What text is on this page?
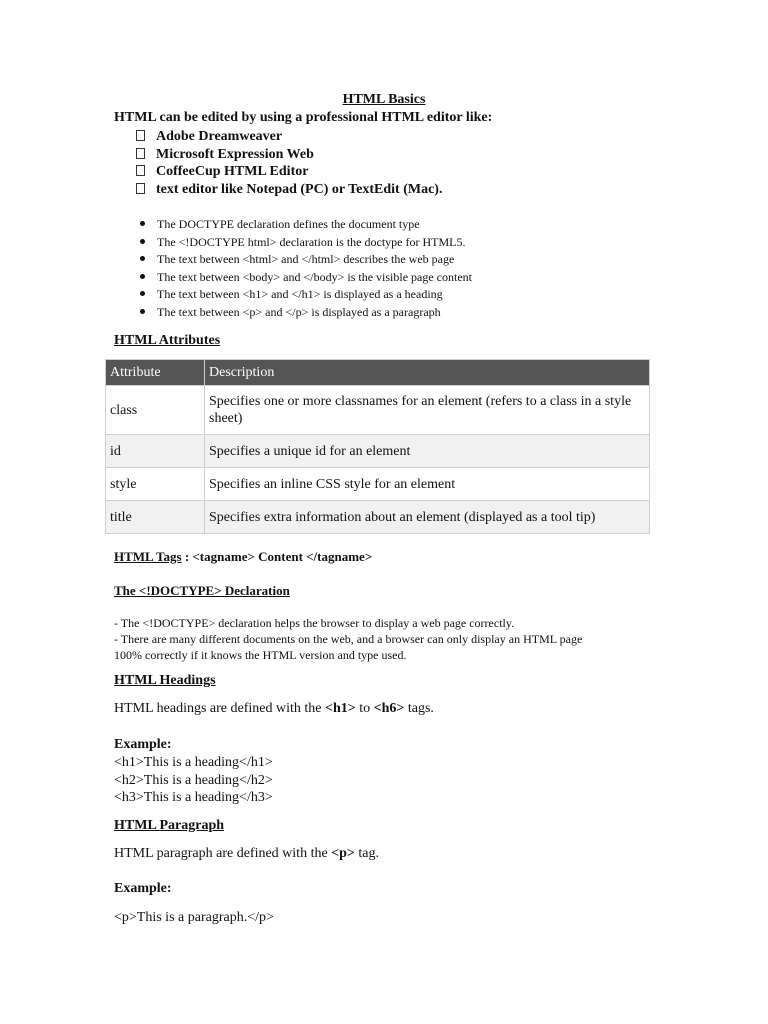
HTML Basics
HTML can be edited by using a professional HTML editor like:
Adobe Dreamweaver
Microsoft Expression Web
CoffeeCup HTML Editor
text editor like Notepad (PC) or TextEdit (Mac).
The DOCTYPE declaration defines the document type
The <!DOCTYPE html> declaration is the doctype for HTML5.
The text between <html> and </html> describes the web page
The text between <body> and </body> is the visible page content
The text between <h1> and </h1> is displayed as a heading
The text between <p> and </p> is displayed as a paragraph
HTML Attributes
Attribute	Description
class	Specifies one or more classnames for an element (refers to a class in a style sheet)
id	Specifies a unique id for an element
style	Specifies an inline CSS style for an element
title	Specifies extra information about an element (displayed as a tool tip)
HTML Tags : <tagname> Content </tagname>
The <!DOCTYPE> Declaration
- The <!DOCTYPE> declaration helps the browser to display a web page correctly.
- There are many different documents on the web, and a browser can only display an HTML page
100% correctly if it knows the HTML version and type used.
HTML Headings
HTML headings are defined with the <h1> to <h6> tags.
Example:
<h1>This is a heading</h1>
<h2>This is a heading</h2>
<h3>This is a heading</h3>
HTML Paragraph
HTML paragraph are defined with the <p> tag.
Example:
<p>This is a paragraph.</p>
